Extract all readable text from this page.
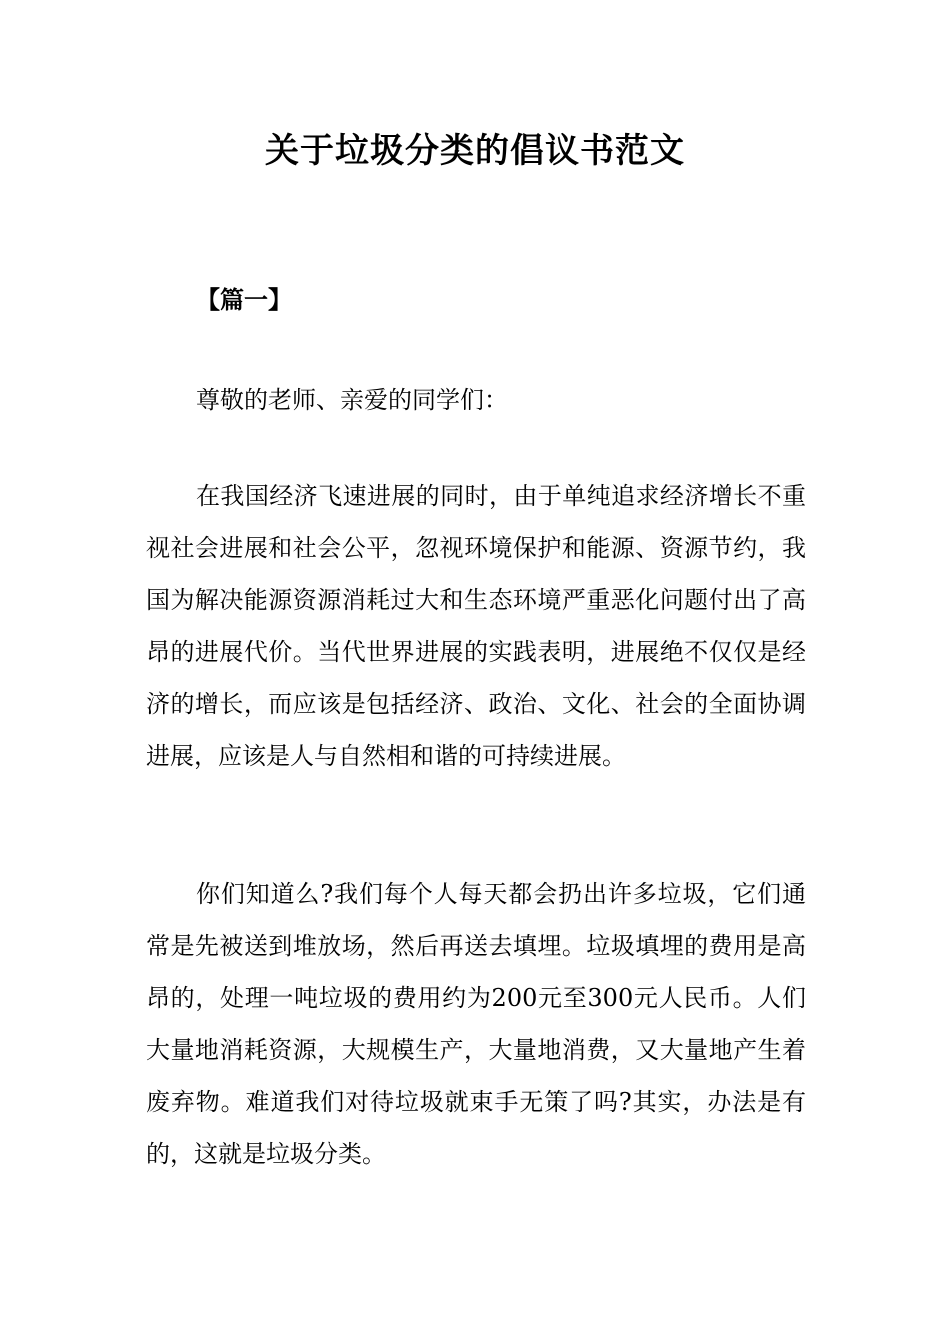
关于垃圾分类的倡议书范文
【篇一】
尊敬的老师、亲爱的同学们：

在我国经济飞速进展的同时，由于单纯追求经济增长不重视社会进展和社会公平，忽视环境保护和能源、资源节约，我国为解决能源资源消耗过大和生态环境严重恶化问题付出了高昂的进展代价。当代世界进展的实践表明，进展绝不仅仅是经济的增长，而应该是包括经济、政治、文化、社会的全面协调进展，应该是人与自然相和谐的可持续进展。

你们知道么?我们每个人每天都会扔出许多垃圾，它们通常是先被送到堆放场，然后再送去填埋。垃圾填埋的费用是高昂的，处理一吨垃圾的费用约为200元至300元人民币。人们大量地消耗资源，大规模生产，大量地消费，又大量地产生着废弃物。难道我们对待垃圾就束手无策了吗?其实，办法是有的，这就是垃圾分类。
